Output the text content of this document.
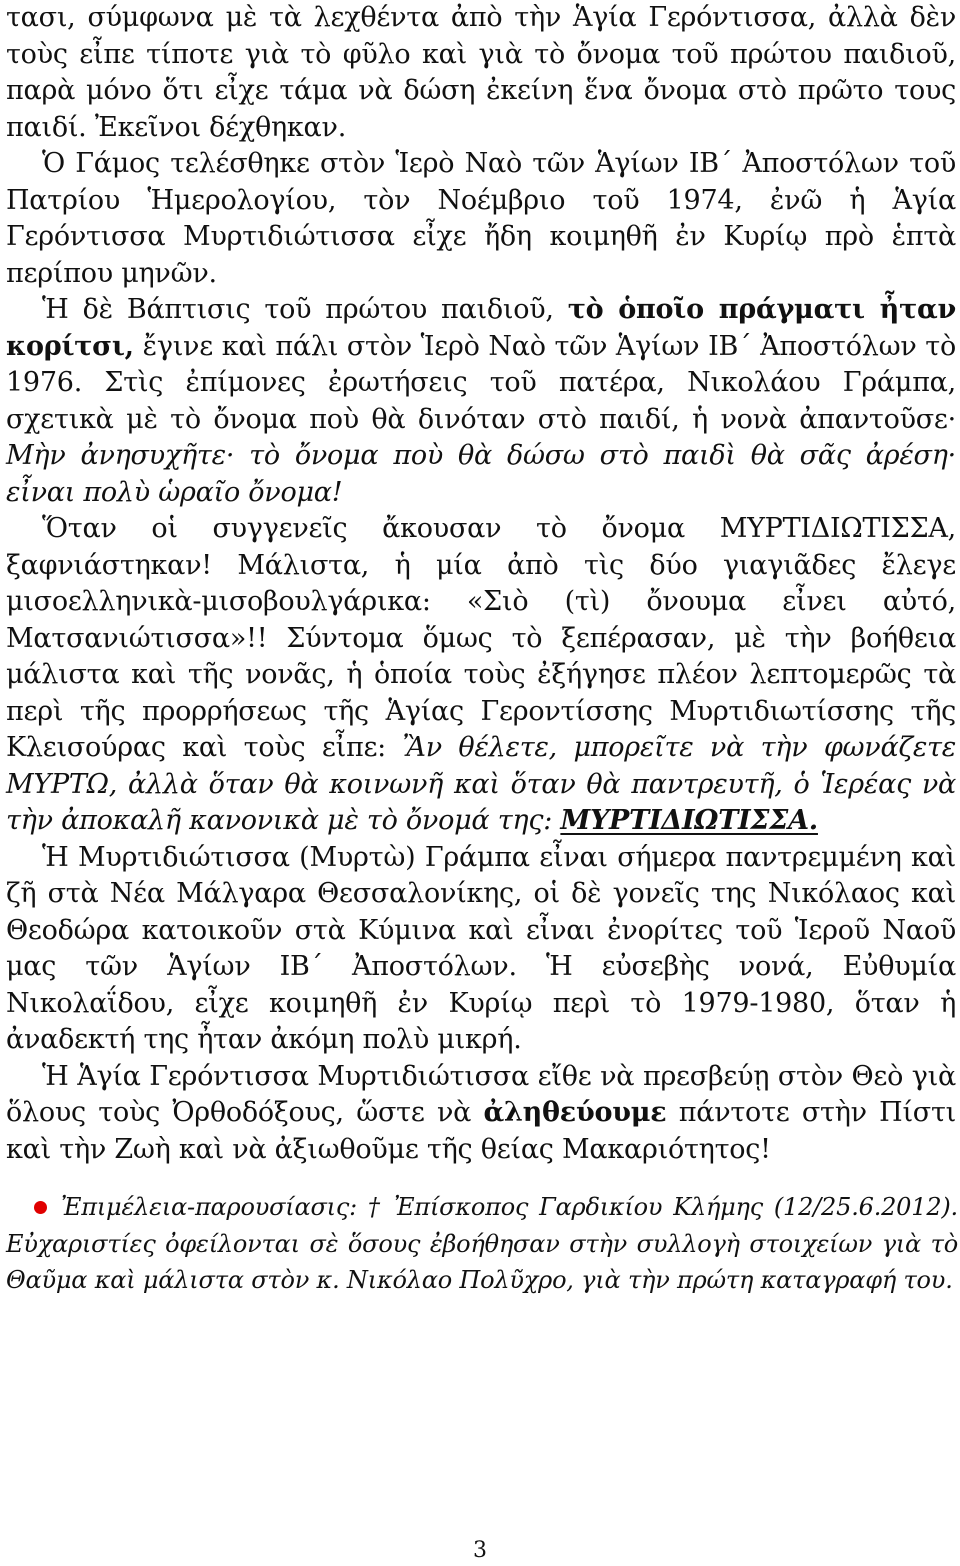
τασι, σύμφωνα μὲ τὰ λεχθέντα ἀπὸ τὴν Ἁγία Γερόντισσα, ἀλλὰ δὲν τοὺς εἶπε τίποτε γιὰ τὸ φῦλο καὶ γιὰ τὸ ὄνομα τοῦ πρώτου παιδιοῦ, παρὰ μόνο ὅτι εἶχε τάμα νὰ δώση ἐκείνη ἕνα ὄνομα στὸ πρῶτο τους παιδί. Ἐκεῖνοι δέχθηκαν.

Ὁ Γάμος τελέσθηκε στὸν Ἱερὸ Ναὸ τῶν Ἁγίων ΙΒ΄ Ἀποστόλων τοῦ Πατρίου Ἡμερολογίου, τὸν Νοέμβριο τοῦ 1974, ἐνῶ ἡ Ἁγία Γερόντισσα Μυρτιδιώτισσα εἶχε ἤδη κοιμηθῆ ἐν Κυρίῳ πρὸ ἑπτὰ περίπου μηνῶν.

Ἡ δὲ Βάπτισις τοῦ πρώτου παιδιοῦ, τὸ ὁποῖο πράγματι ἦταν κορίτσι, ἔγινε καὶ πάλι στὸν Ἱερὸ Ναὸ τῶν Ἁγίων ΙΒ΄ Ἀποστόλων τὸ 1976. Στὶς ἐπίμονες ἐρωτήσεις τοῦ πατέρα, Νικολάου Γράμπα, σχετικὰ μὲ τὸ ὄνομα ποὺ θὰ δινόταν στὸ παιδί, ἡ νονὰ ἀπαντοῦσε· Μὴν ἀνησυχῆτε· τὸ ὄνομα ποὺ θὰ δώσω στὸ παιδὶ θὰ σᾶς ἀρέση· εἶναι πολὺ ὡραῖο ὄνομα!

Ὅταν οἱ συγγενεῖς ἄκουσαν τὸ ὄνομα ΜΥΡΤΙΔΙΩΤΙΣΣΑ, ξαφνιάστηκαν! Μάλιστα, ἡ μία ἀπὸ τὶς δύο γιαγιᾶδες ἔλεγε μισοελληνικὰ-μισοβουλγάρικα: «Σιὸ (τὶ) ὄνουμα εἶνει αὐτό, Ματσανιώτισσα»!! Σύντομα ὅμως τὸ ξεπέρασαν, μὲ τὴν βοήθεια μάλιστα καὶ τῆς νονᾶς, ἡ ὁποία τοὺς ἐξήγησε πλέον λεπτομερῶς τὰ περὶ τῆς προρρήσεως τῆς Ἁγίας Γεροντίσσης Μυρτιδιωτίσσης τῆς Κλεισούρας καὶ τοὺς εἶπε: Ἂν θέλετε, μπορεῖτε νὰ τὴν φωνάζετε ΜΥΡΤΩ, ἀλλὰ ὅταν θὰ κοινωνῆ καὶ ὅταν θὰ παντρευτῆ, ὁ Ἱερέας νὰ τὴν ἀποκαλῆ κανονικὰ μὲ τὸ ὄνομά της: ΜΥΡΤΙΔΙΩΤΙΣΣΑ.

Ἡ Μυρτιδιώτισσα (Μυρτὼ) Γράμπα εἶναι σήμερα παντρεμμένη καὶ ζῆ στὰ Νέα Μάλγαρα Θεσσαλονίκης, οἱ δὲ γονεῖς της Νικόλαος καὶ Θεοδώρα κατοικοῦν στὰ Κύμινα καὶ εἶναι ἐνορίτες τοῦ Ἱεροῦ Ναοῦ μας τῶν Ἁγίων ΙΒ΄ Ἀποστόλων. Ἡ εὐσεβὴς νονά, Εὐθυμία Νικολαΐδου, εἶχε κοιμηθῆ ἐν Κυρίῳ περὶ τὸ 1979-1980, ὅταν ἡ ἀναδεκτή της ἦταν ἀκόμη πολὺ μικρή.

Ἡ Ἁγία Γερόντισσα Μυρτιδιώτισσα εἴθε νὰ πρεσβεύῃ στὸν Θεὸ γιὰ ὅλους τοὺς Ὀρθοδόξους, ὥστε νὰ ἀληθεύουμε πάντοτε στὴν Πίστι καὶ τὴν Ζωὴ καὶ νὰ ἀξιωθοῦμε τῆς θείας Μακαριότητος!

Ἐπιμέλεια-παρουσίασις: † Ἐπίσκοπος Γαρδικίου Κλήμης (12/25.6.2012). Εὐχαριστίες ὀφείλονται σὲ ὅσους ἐβοήθησαν στὴν συλλογὴ στοιχείων γιὰ τὸ Θαῦμα καὶ μάλιστα στὸν κ. Νικόλαο Πολῦχρο, γιὰ τὴν πρώτη καταγραφή του.

3
